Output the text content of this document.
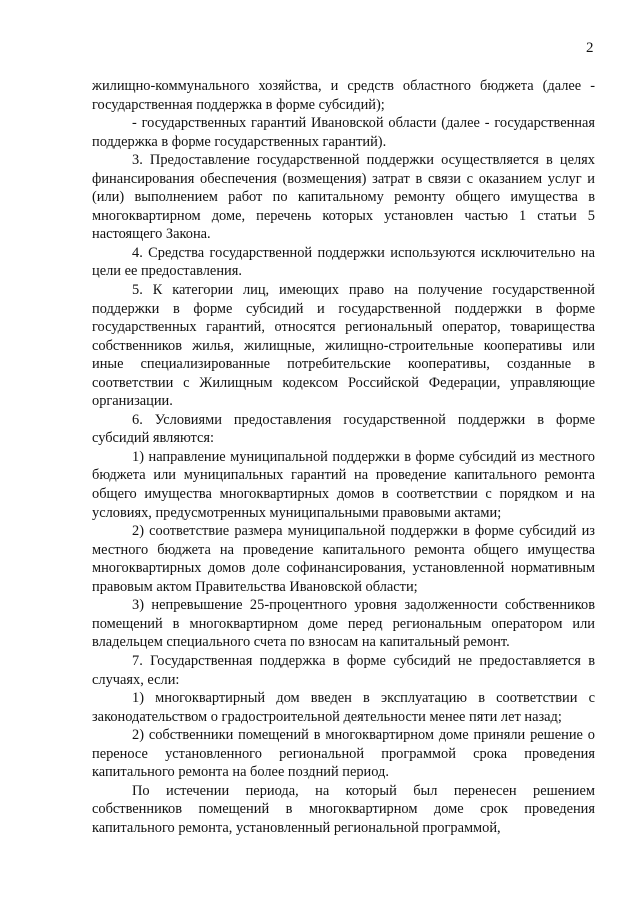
2

жилищно-коммунального хозяйства, и средств областного бюджета (далее - государственная поддержка в форме субсидий);

- государственных гарантий Ивановской области (далее - государственная поддержка в форме государственных гарантий).

3. Предоставление государственной поддержки осуществляется в целях финансирования обеспечения (возмещения) затрат в связи с оказанием услуг и (или) выполнением работ по капитальному ремонту общего имущества в многоквартирном доме, перечень которых установлен частью 1 статьи 5 настоящего Закона.

4. Средства государственной поддержки используются исключительно на цели ее предоставления.

5. К категории лиц, имеющих право на получение государственной поддержки в форме субсидий и государственной поддержки в форме государственных гарантий, относятся региональный оператор, товарищества собственников жилья, жилищные, жилищно-строительные кооперативы или иные специализированные потребительские кооперативы, созданные в соответствии с Жилищным кодексом Российской Федерации, управляющие организации.

6. Условиями предоставления государственной поддержки в форме субсидий являются:

1) направление муниципальной поддержки в форме субсидий из местного бюджета или муниципальных гарантий на проведение капитального ремонта общего имущества многоквартирных домов в соответствии с порядком и на условиях, предусмотренных муниципальными правовыми актами;

2) соответствие размера муниципальной поддержки в форме субсидий из местного бюджета на проведение капитального ремонта общего имущества многоквартирных домов доле софинансирования, установленной нормативным правовым актом Правительства Ивановской области;

3) непревышение 25-процентного уровня задолженности собственников помещений в многоквартирном доме перед региональным оператором или владельцем специального счета по взносам на капитальный ремонт.

7. Государственная поддержка в форме субсидий не предоставляется в случаях, если:

1) многоквартирный дом введен в эксплуатацию в соответствии с законодательством о градостроительной деятельности менее пяти лет назад;

2) собственники помещений в многоквартирном доме приняли решение о переносе установленного региональной программой срока проведения капитального ремонта на более поздний период.

По истечении периода, на который был перенесен решением собственников помещений в многоквартирном доме срок проведения капитального ремонта, установленный региональной программой,
